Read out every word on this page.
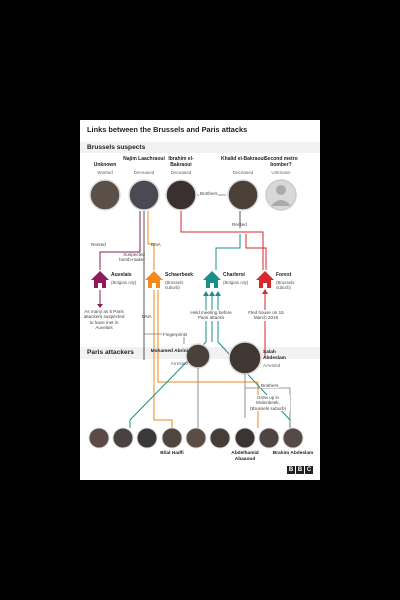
Links between the Brussels and Paris attacks
Brussels suspects
Paris attackers
Unknown
Wanted
Najim Laachraoui
Deceased
Ibrahim el-Bakraoui
Deceased
Khalid el-Bakraoui
Deceased
Second metro bomber?
Unknown
Brothers
Rented	DNA
Rented
Suspected bomb-maker
DNA
Auvelais
(Belgian city)
Schaerbeek
(Brussels suburb)
Charleroi
(Belgian city)
Forest
(Brussels suburb)
As many as 6 Paris attackers suspected to have met in Auvelais
Held meeting before Paris attacks
Fled house on 15 March 2016
Fingerprints
Mohamed Abrini
Arrested
Salah Abdeslam
Arrested
Brothers
Grew up in Molenbeek, (Brussels suburb)
Bilal Hadfi	Abdelhamid Abaaoud
Brahim Abdeslam
B B C
